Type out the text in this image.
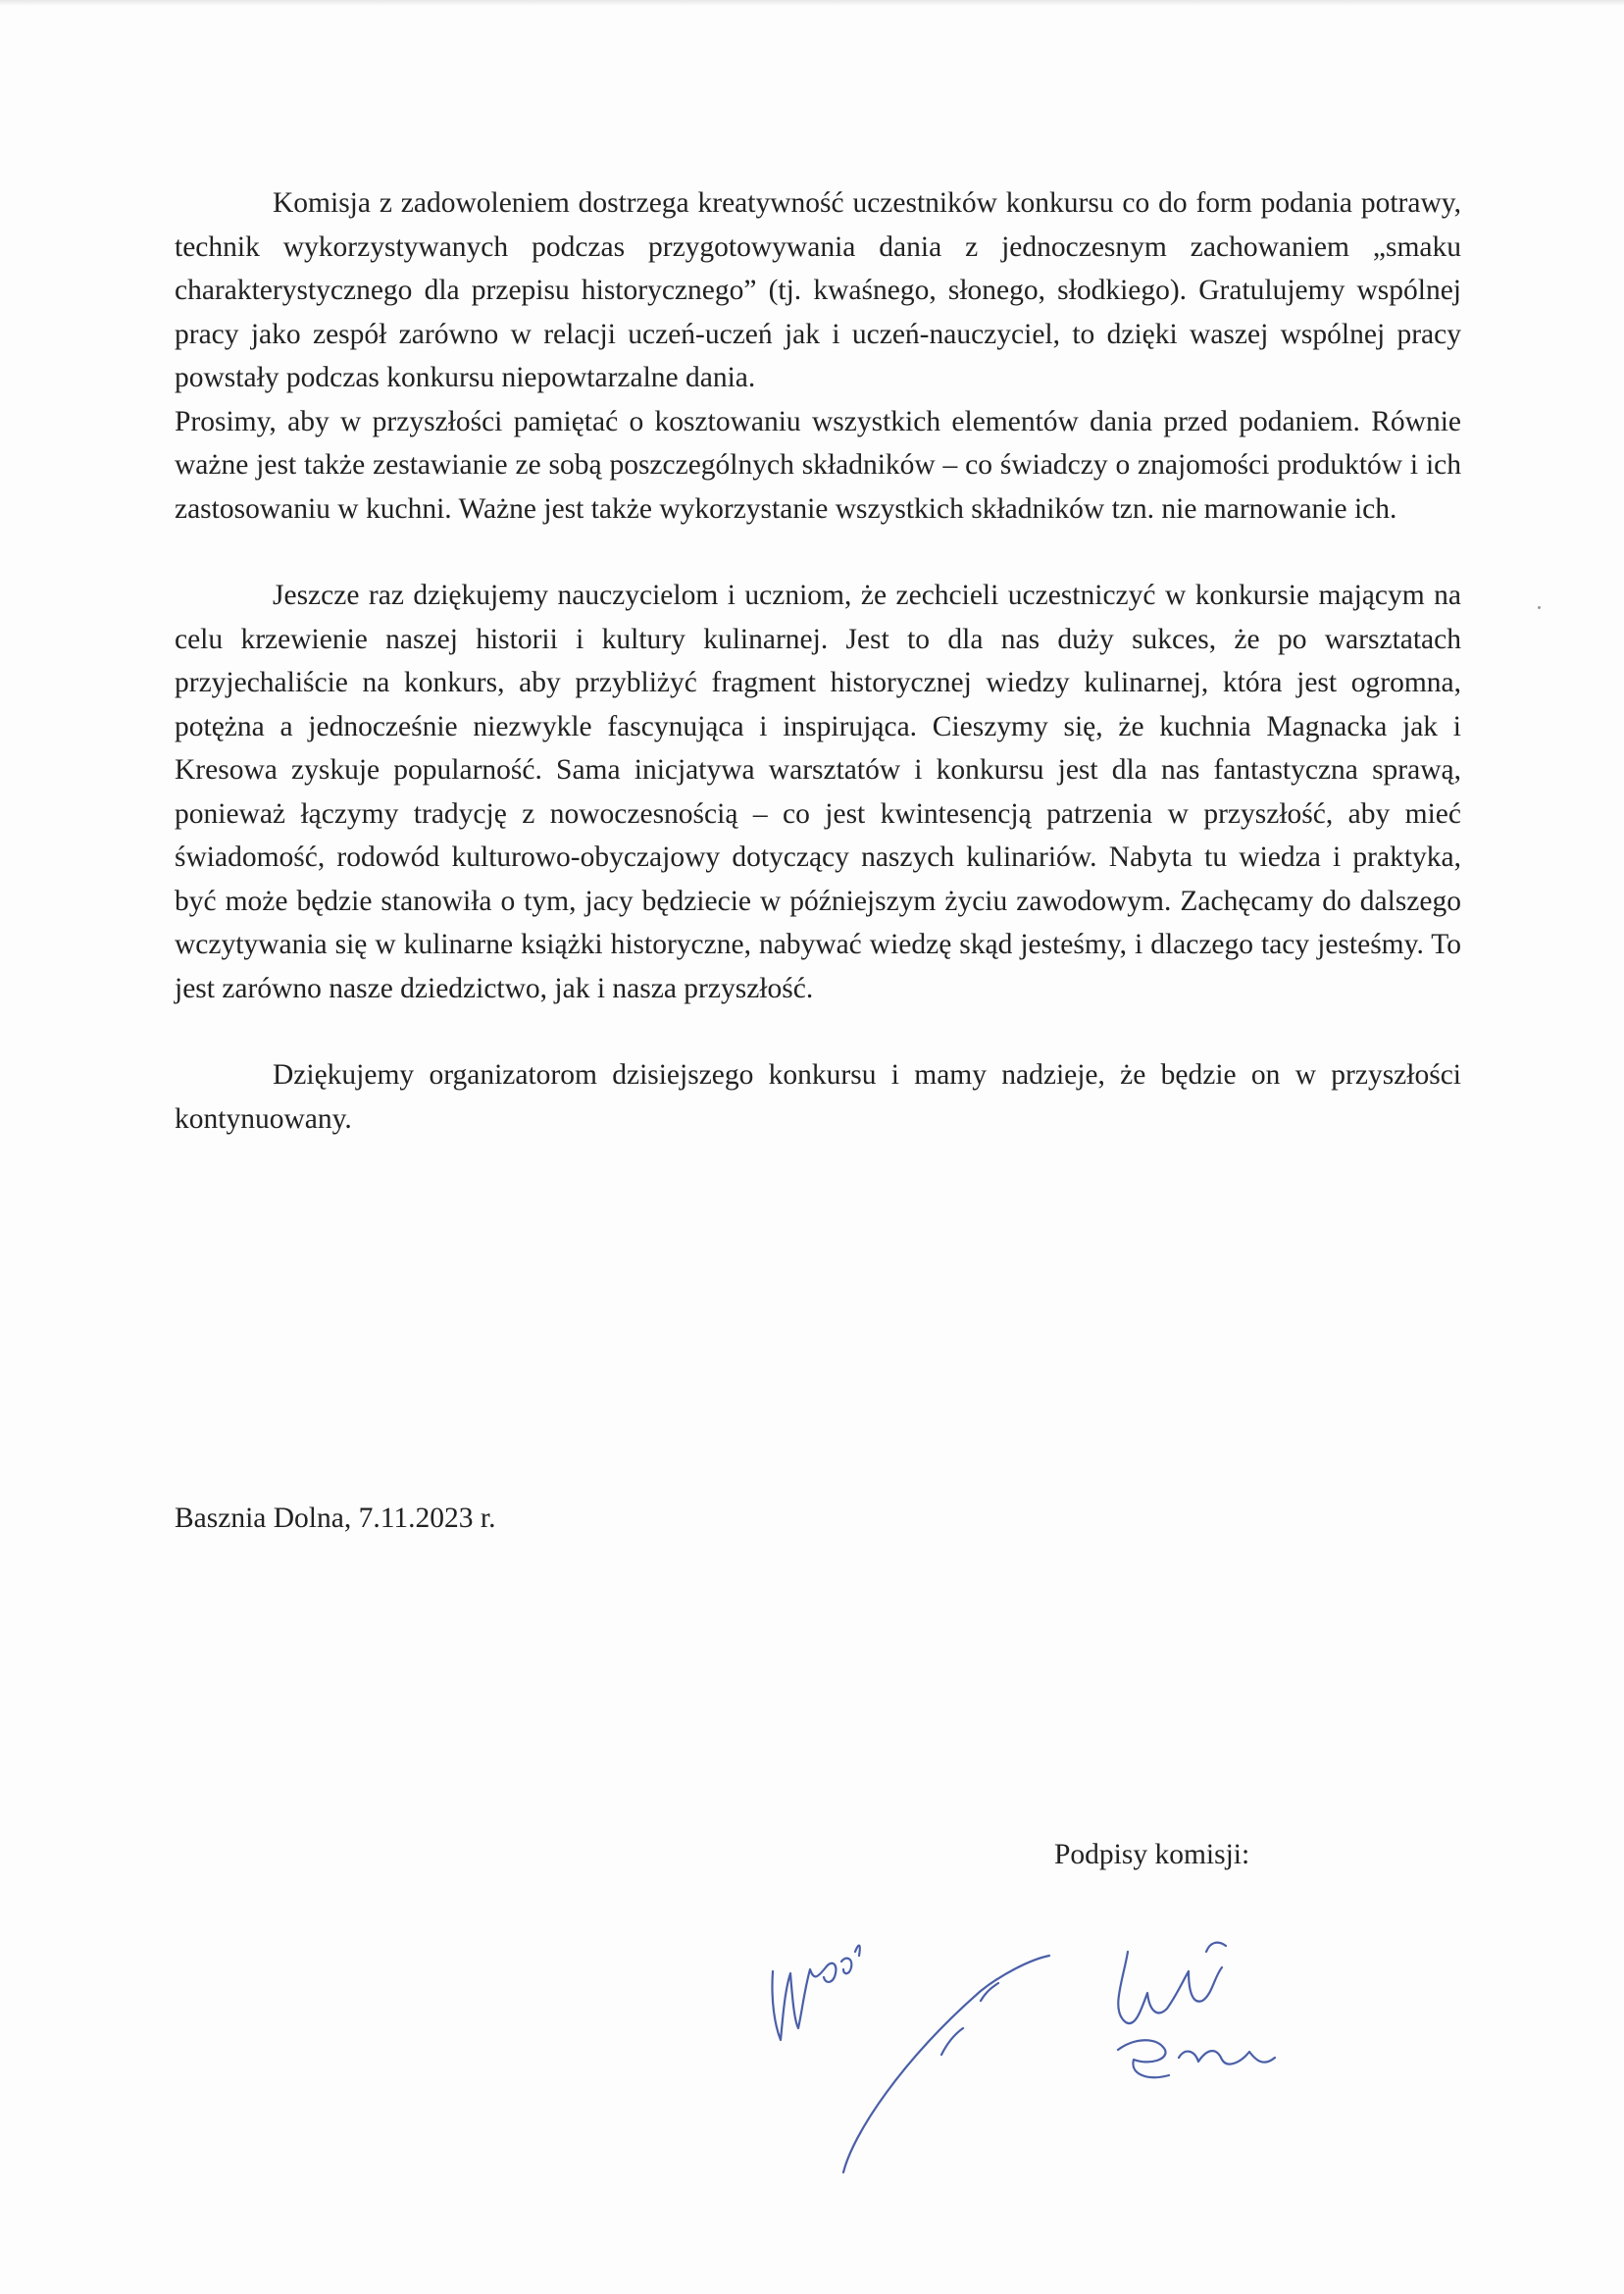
Komisja z zadowoleniem dostrzega kreatywność uczestników konkursu co do form podania potrawy, technik wykorzystywanych podczas przygotowywania dania z jednoczesnym zachowaniem „smaku charakterystycznego dla przepisu historycznego” (tj. kwaśnego, słonego, słodkiego). Gratulujemy wspólnej pracy jako zespół zarówno w relacji uczeń-uczeń jak i uczeń-nauczyciel, to dzięki waszej wspólnej pracy powstały podczas konkursu niepowtarzalne dania.

Prosimy, aby w przyszłości pamiętać o kosztowaniu wszystkich elementów dania przed podaniem. Równie ważne jest także zestawianie ze sobą poszczególnych składników – co świadczy o znajomości produktów i ich zastosowaniu w kuchni. Ważne jest także wykorzystanie wszystkich składników tzn. nie marnowanie ich.

Jeszcze raz dziękujemy nauczycielom i uczniom, że zechcieli uczestniczyć w konkursie mającym na celu krzewienie naszej historii i kultury kulinarnej. Jest to dla nas duży sukces, że po warsztatach przyjechaliście na konkurs, aby przybliżyć fragment historycznej wiedzy kulinarnej, która jest ogromna, potężna a jednocześnie niezwykle fascynująca i inspirująca. Cieszymy się, że kuchnia Magnacka jak i Kresowa zyskuje popularność. Sama inicjatywa warsztatów i konkursu jest dla nas fantastyczna sprawą, ponieważ łączymy tradycję z nowoczesnością – co jest kwintesencją patrzenia w przyszłość, aby mieć świadomość, rodowód kulturowo-obyczajowy dotyczący naszych kulinariów. Nabyta tu wiedza i praktyka, być może będzie stanowiła o tym, jacy będziecie w późniejszym życiu zawodowym. Zachęcamy do dalszego wczytywania się w kulinarne książki historyczne, nabywać wiedzę skąd jesteśmy, i dlaczego tacy jesteśmy. To jest zarówno nasze dziedzictwo, jak i nasza przyszłość.

Dziękujemy organizatorom dzisiejszego konkursu i mamy nadzieje, że będzie on w przyszłości kontynuowany.

Basznia Dolna, 7.11.2023 r.
Podpisy komisji:
